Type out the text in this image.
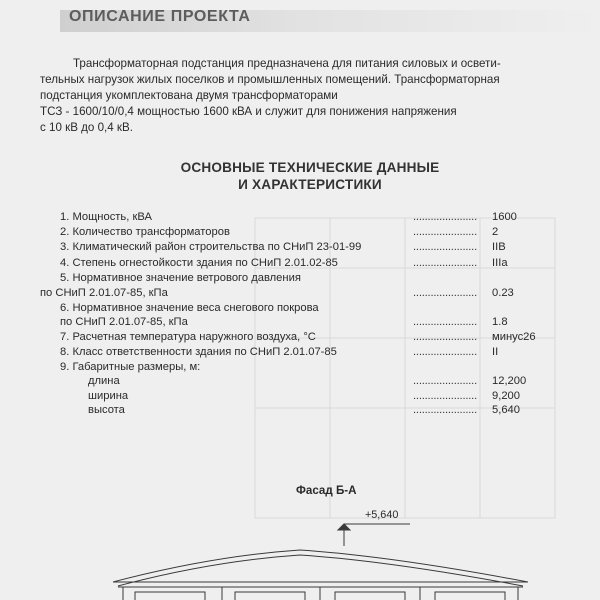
ОПИСАНИЕ ПРОЕКТА

Трансформаторная подстанция предназначена для питания силовых и освети-

тельных нагрузок жилых поселков и промышленных помещений. Трансформаторная

подстанция укомплектована двумя трансформаторами

ТСЗ - 1600/10/0,4 мощностью 1600 кВА и служит для понижения напряжения

с 10 кВ до 0,4 кВ.

ОСНОВНЫЕ ТЕХНИЧЕСКИЕ ДАННЫЕ
И ХАРАКТЕРИСТИКИ
1. Мощность, кВА	...................... 1600
2. Количество трансформаторов	...................... 2
3. Климатический район строительства по СНиП 23-01-99	...................... IIВ
4. Степень огнестойкости здания по СНиП 2.01.02-85	...................... IIIа
5. Нормативное значение ветрового давления
по СНиП 2.01.07-85, кПа	...................... 0.23
6. Нормативное значение веса снегового покрова
по СНиП 2.01.07-85, кПа	...................... 1.8
7. Расчетная температура наружного воздуха, °С	...................... минус26
8. Класс ответственности здания по СНиП 2.01.07-85	...................... II
9. Габаритные размеры, м:
длина	...................... 12,200
ширина	...................... 9,200
высота	...................... 5,640
Фасад Б-А
+5,640
